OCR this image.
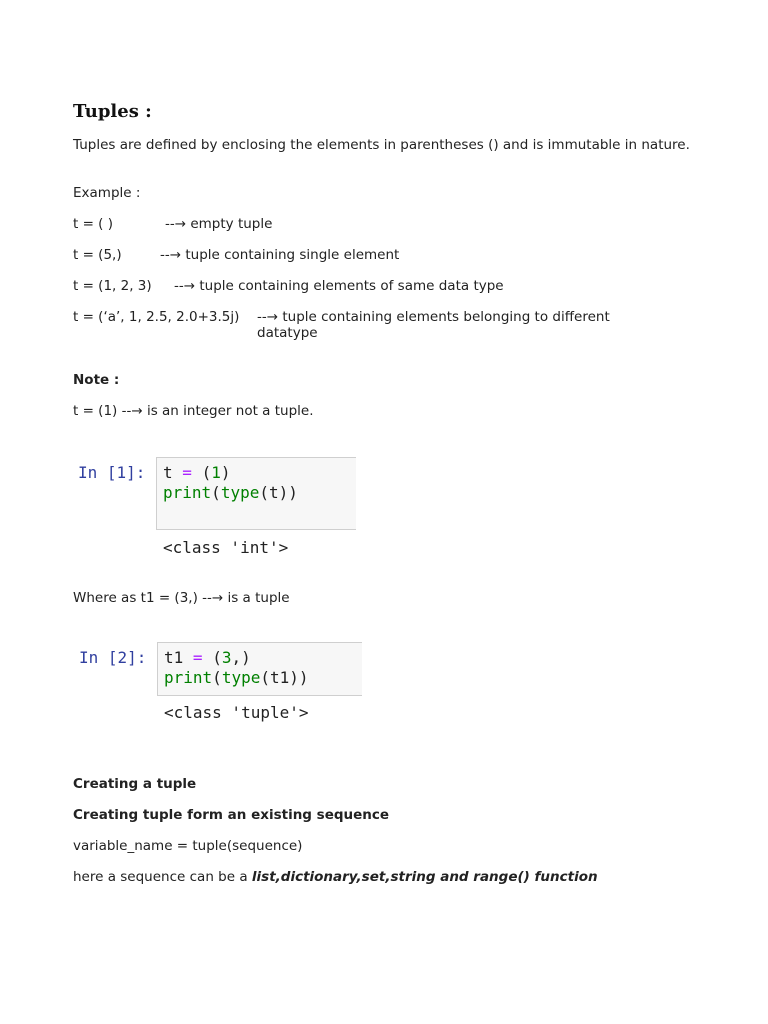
Tuples :
Tuples are defined by enclosing the elements in parentheses () and is immutable in nature.
Example :
t = ( )	--→ empty tuple
t = (5,)	--→ tuple containing single element
t = (1, 2, 3) --→ tuple containing elements of same data type
t = (‘a’, 1, 2.5, 2.0+3.5j) --→ tuple containing elements belonging to different
datatype
Note :
t = (1) --→ is an integer not a tuple.
In [1]: t = (1)
print(type(t))
<class 'int'>
Where as t1 = (3,) --→ is a tuple
In [2]: t1 = (3,)
print(type(t1))
<class 'tuple'>
Creating a tuple
Creating tuple form an existing sequence
variable_name = tuple(sequence)
here a sequence can be a list,dictionary,set,string and range() function
